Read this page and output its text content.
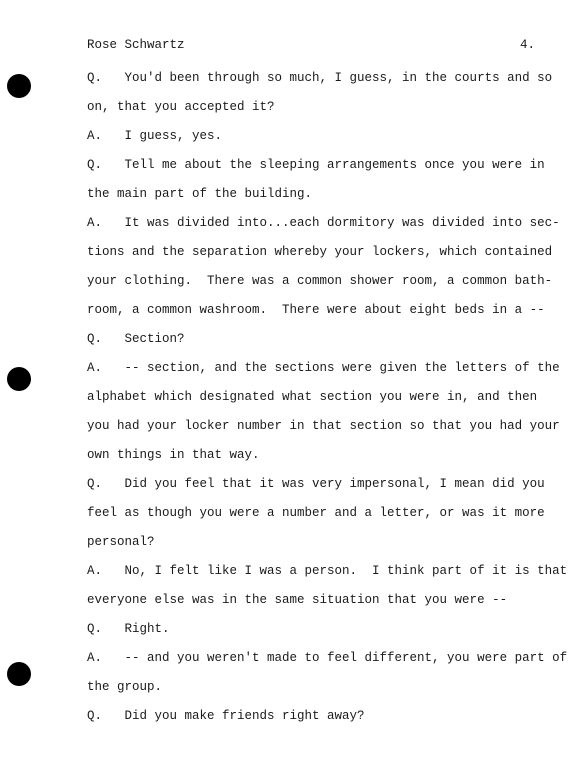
Rose Schwartz	4.
Q.   You'd been through so much, I guess, in the courts and so
on, that you accepted it?
A.   I guess, yes.
Q.   Tell me about the sleeping arrangements once you were in
the main part of the building.
A.   It was divided into...each dormitory was divided into sec-
tions and the separation whereby your lockers, which contained
your clothing.  There was a common shower room, a common bath-
room, a common washroom.  There were about eight beds in a --
Q.   Section?
A.   -- section, and the sections were given the letters of the
alphabet which designated what section you were in, and then
you had your locker number in that section so that you had your
own things in that way.
Q.   Did you feel that it was very impersonal, I mean did you
feel as though you were a number and a letter, or was it more
personal?
A.   No, I felt like I was a person.  I think part of it is that
everyone else was in the same situation that you were --
Q.   Right.
A.   -- and you weren't made to feel different, you were part of
the group.
Q.   Did you make friends right away?
